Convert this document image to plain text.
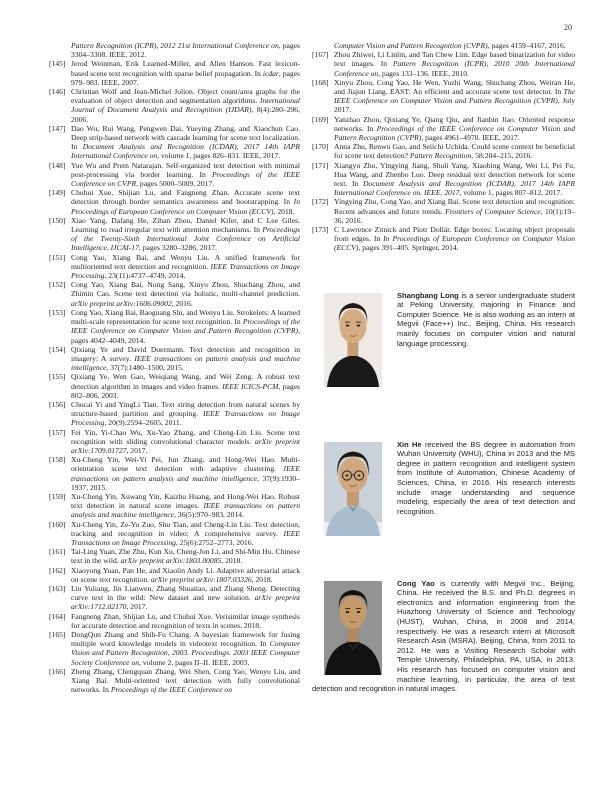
20
Pattern Recognition (ICPR), 2012 21st International Conference on, pages 3304–3308. IEEE, 2012.
[145] Jerod Weinman, Erik Learned-Miller, and Allen Hanson. Fast lexicon-based scene text recognition with sparse belief propagation. In icdar, pages 979–983. IEEE, 2007.
[146] Christian Wolf and Jean-Michel Jolion. Object count/area graphs for the evaluation of object detection and segmentation algorithms. International Journal of Document Analysis and Recognition (IJDAR), 8(4):280–296, 2006.
[147] Dao Wu, Rui Wang, Pengwen Dai, Yueying Zhang, and Xiaochun Cao. Deep strip-based network with cascade learning for scene text localization. In Document Analysis and Recognition (ICDAR), 2017 14th IAPR International Conference on, volume 1, pages 826–831. IEEE, 2017.
[148] Yue Wu and Prem Natarajan. Self-organized text detection with minimal post-processing via border learning. In Proceedings of the IEEE Conference on CVPR, pages 5000–5009, 2017.
[149] Chuhui Xue, Shijian Lu, and Fangneng Zhan. Accurate scene text detection through border semantics awareness and bootstrapping. In In Proceedings of European Conference on Computer Vision (ECCV), 2018.
[150] Xiao Yang, Dafang He, Zihan Zhou, Daniel Kifer, and C Lee Giles. Learning to read irregular text with attention mechanisms. In Proceedings of the Twenty-Sixth International Joint Conference on Artificial Intelligence, IJCAI-17, pages 3280–3286, 2017.
[151] Cong Yao, Xiang Bai, and Wenyu Liu. A unified framework for multioriented text detection and recognition. IEEE Transactions on Image Processing, 23(11):4737–4749, 2014.
[152] Cong Yao, Xiang Bai, Nong Sang, Xinyu Zhou, Shuchang Zhou, and Zhimin Cao. Scene text detection via holistic, multi-channel prediction. arXiv preprint arXiv:1606.09002, 2016.
[153] Cong Yao, Xiang Bai, Baoguang Shi, and Wenyu Liu. Strokelets: A learned multi-scale representation for scene text recognition. In Proceedings of the IEEE Conference on Computer Vision and Pattern Recognition (CVPR), pages 4042–4049, 2014.
[154] Qixiang Ye and David Doermann. Text detection and recognition in imagery: A survey. IEEE transactions on pattern analysis and machine intelligence, 37(7):1480–1500, 2015.
[155] Qixiang Ye, Wen Gao, Weiqiang Wang, and Wei Zeng. A robust text detection algorithm in images and video frames. IEEE ICICS-PCM, pages 802–806, 2003.
[156] Chucai Yi and YingLi Tian. Text string detection from natural scenes by structure-based partition and grouping. IEEE Transactions on Image Processing, 20(9):2594–2605, 2011.
[157] Fei Yin, Yi-Chao Wu, Xu-Yao Zhang, and Cheng-Lin Liu. Scene text recognition with sliding convolutional character models. arXiv preprint arXiv:1709.01727, 2017.
[158] Xu-Cheng Yin, Wei-Yi Pei, Jun Zhang, and Hong-Wei Hao. Multi-orientation scene text detection with adaptive clustering. IEEE transactions on pattern analysis and machine intelligence, 37(9):1930–1937, 2015.
[159] Xu-Cheng Yin, Xuwang Yin, Kaizhu Huang, and Hong-Wei Hao. Robust text detection in natural scene images. IEEE transactions on pattern analysis and machine intelligence, 36(5):970–983, 2014.
[160] Xu-Cheng Yin, Ze-Yu Zuo, Shu Tian, and Cheng-Lin Liu. Text detection, tracking and recognition in video: A comprehensive survey. IEEE Transactions on Image Processing, 25(6):2752–2773, 2016.
[161] Tai-Ling Yuan, Zhe Zhu, Kun Xu, Cheng-Jun Li, and Shi-Min Hu. Chinese text in the wild. arXiv preprint arXiv:1803.00085, 2018.
[162] Xiaoyong Yuan, Pan He, and Xiaolin Andy Li. Adaptive adversarial attack on scene text recognition. arXiv preprint arXiv:1807.03326, 2018.
[163] Liu Yuliang, Jin Lianwen, Zhang Shuaitao, and Zhang Sheng. Detecting curve text in the wild: New dataset and new solution. arXiv preprint arXiv:1712.02170, 2017.
[164] Fangneng Zhan, Shijian Lu, and Chuhui Xue. Verisimilar image synthesis for accurate detection and recognition of texts in scenes. 2018.
[165] DongQun Zhang and Shih-Fu Chang. A bayesian framework for fusing multiple word knowledge models in videotext recognition. In Computer Vision and Pattern Recognition, 2003. Proceedings. 2003 IEEE Computer Society Conference on, volume 2, pages II–II. IEEE, 2003.
[166] Zheng Zhang, Chengquan Zhang, Wei Shen, Cong Yao, Wenyu Liu, and Xiang Bai. Multi-oriented text detection with fully convolutional networks. In Proceedings of the IEEE Conference on
Computer Vision and Pattern Recognition (CVPR), pages 4159–4167, 2016.
[167] Zhou Zhiwei, Li Linlin, and Tan Chew Lim. Edge based binarization for video text images. In Pattern Recognition (ICPR), 2010 20th International Conference on, pages 133–136. IEEE, 2010.
[168] Xinyu Zhou, Cong Yao, He Wen, Yuzhi Wang, Shuchang Zhou, Weiran He, and Jiajun Liang. EAST: An efficient and accurate scene text detector. In The IEEE Conference on Computer Vision and Pattern Recognition (CVPR), July 2017.
[169] Yanzhao Zhou, Qixiang Ye, Qiang Qiu, and Jianbin Jiao. Oriented response networks. In Proceedings of the IEEE Conference on Computer Vision and Pattern Recognition (CVPR), pages 4961–4970. IEEE, 2017.
[170] Anna Zhu, Renwu Gao, and Seiichi Uchida. Could scene context be beneficial for scene text detection? Pattern Recognition, 58:204–215, 2016.
[171] Xiangyu Zhu, Yingying Jiang, Shuli Yang, Xiaobing Wang, Wei Li, Pei Fu, Hua Wang, and Zhenbo Luo. Deep residual text detection network for scene text. In Document Analysis and Recognition (ICDAR), 2017 14th IAPR International Conference on. IEEE, 2017, volume 1, pages 807–812, 2017.
[172] Yingying Zhu, Cong Yao, and Xiang Bai. Scene text detection and recognition: Recent advances and future trends. Frontiers of Computer Science, 10(1):19–36, 2016.
[173] C Lawrence Zitnick and Piotr Dollár. Edge boxes: Locating object proposals from edges. In In Proceedings of European Conference on Computer Vision (ECCV), pages 391–405. Springer, 2014.

Shangbang Long is a senior undergraduate student at Peking University, majoring in Finance and Computer Science. He is also working as an intern at Megvii (Face++) Inc., Beijing, China. His research mainly focuses on computer vision and natural language processing.

Xin He received the BS degree in automation from Wuhan University (WHU), China in 2013 and the MS degree in pattern recognition and intelligent system from Institute of Automation, Chinese Academy of Sciences, China, in 2016. His research interests include image understanding and sequence modeling, especially the area of text detection and recognition.

Cong Yao is currently with Megvii Inc., Beijing, China. He received the B.S. and Ph.D. degrees in electronics and information engineering from the Huazhong University of Science and Technology (HUST), Wuhan, China, in 2008 and 2014, respectively. He was a research intern at Microsoft Research Asia (MSRA), Beijing, China, from 2011 to 2012. He was a Visiting Research Scholar with Temple University, Philadelphia, PA, USA, in 2013. His research has focused on computer vision and machine learning, in particular, the area of text detection and recognition in natural images.
